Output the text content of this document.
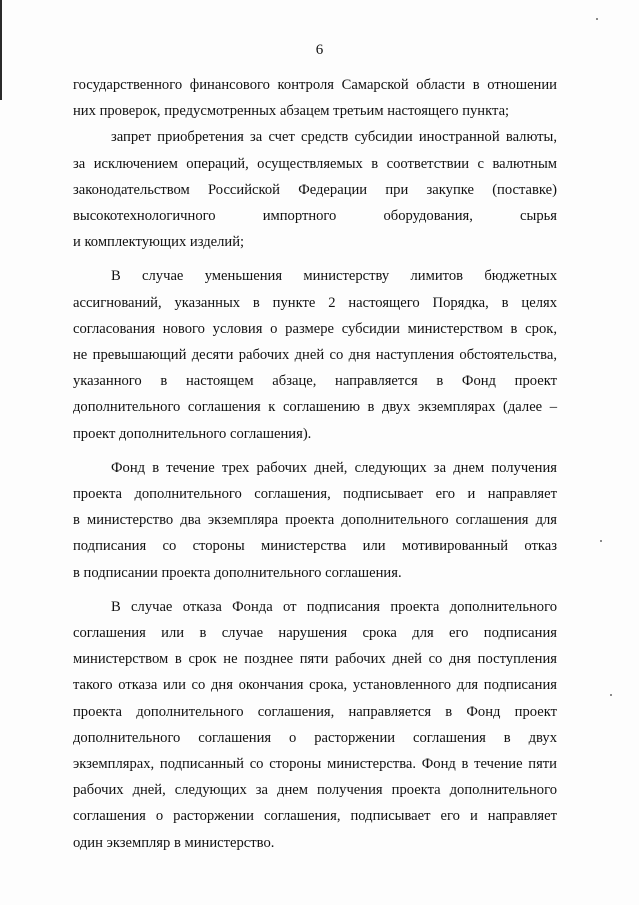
6

государственного финансового контроля Самарской области в отношении
них проверок, предусмотренных абзацем третьим настоящего пункта;

запрет приобретения за счет средств субсидии иностранной валюты,
за исключением операций, осуществляемых в соответствии с валютным
законодательством Российской Федерации при закупке (поставке)
высокотехнологичного импортного оборудования, сырья
и комплектующих изделий;

В случае уменьшения министерству лимитов бюджетных
ассигнований, указанных в пункте 2 настоящего Порядка, в целях
согласования нового условия о размере субсидии министерством в срок,
не превышающий десяти рабочих дней со дня наступления обстоятельства,
указанного в настоящем абзаце, направляется в Фонд проект
дополнительного соглашения к соглашению в двух экземплярах (далее –
проект дополнительного соглашения).

Фонд в течение трех рабочих дней, следующих за днем получения
проекта дополнительного соглашения, подписывает его и направляет
в министерство два экземпляра проекта дополнительного соглашения для
подписания со стороны министерства или мотивированный отказ
в подписании проекта дополнительного соглашения.

В случае отказа Фонда от подписания проекта дополнительного
соглашения или в случае нарушения срока для его подписания
министерством в срок не позднее пяти рабочих дней со дня поступления
такого отказа или со дня окончания срока, установленного для подписания
проекта дополнительного соглашения, направляется в Фонд проект
дополнительного соглашения о расторжении соглашения в двух
экземплярах, подписанный со стороны министерства. Фонд в течение пяти
рабочих дней, следующих за днем получения проекта дополнительного
соглашения о расторжении соглашения, подписывает его и направляет
один экземпляр в министерство.
